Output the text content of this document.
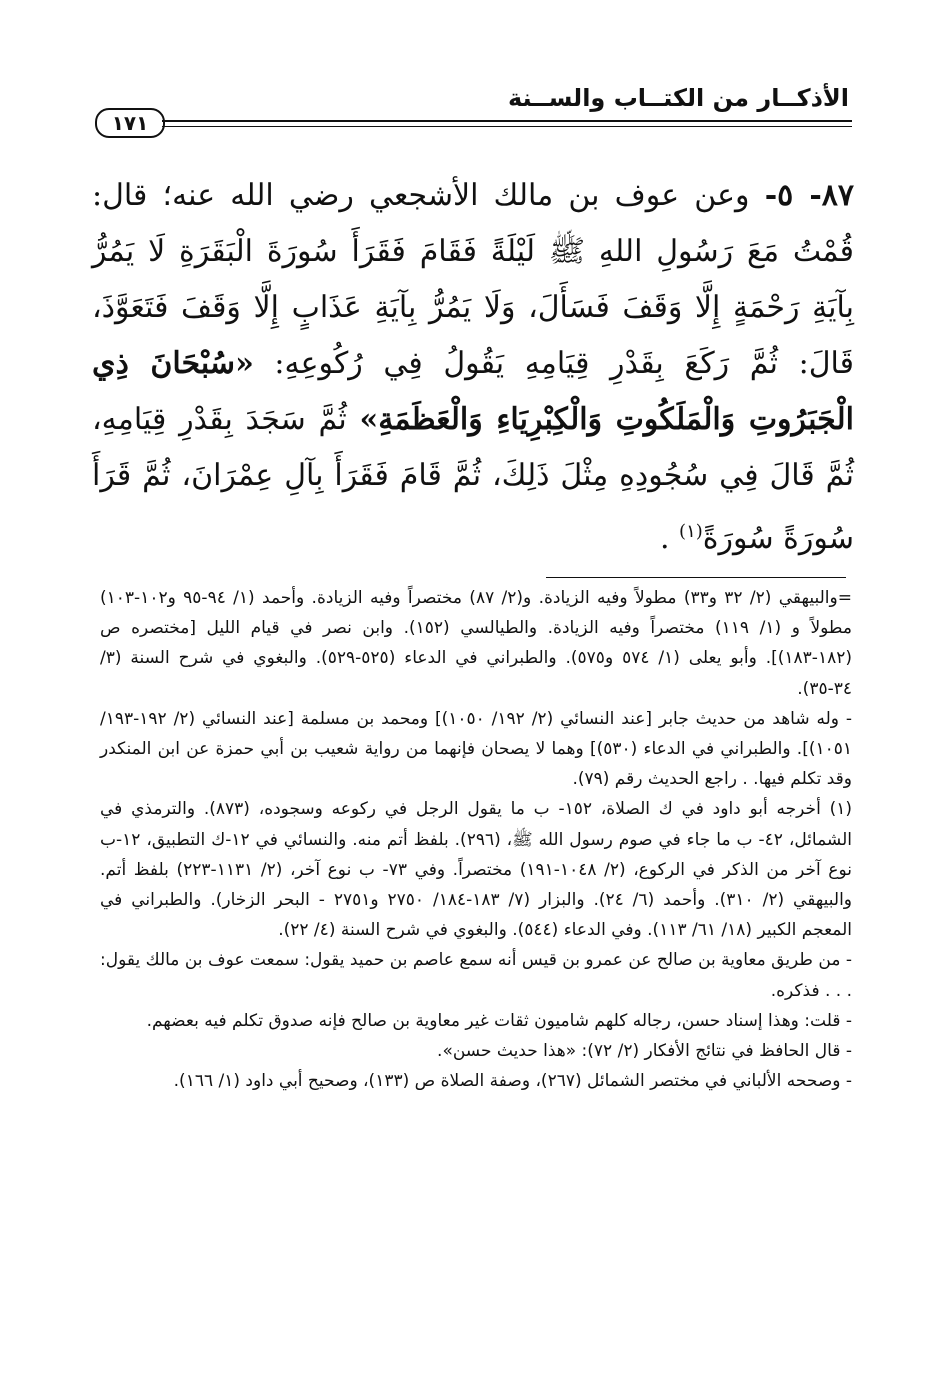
الأذكــار من الكتــاب والســنة
١٧١
٨٧- ٥- وعن عوف بن مالك الأشجعي رضي الله عنه؛ قال: قُمْتُ مَعَ رَسُولِ اللهِ ﷺ لَيْلَةً فَقَامَ فَقَرَأَ سُورَةَ الْبَقَرَةِ لَا يَمُرُّ بِآيَةِ رَحْمَةٍ إِلَّا وَقَفَ فَسَأَلَ، وَلَا يَمُرُّ بِآيَةِ عَذَابٍ إِلَّا وَقَفَ فَتَعَوَّذَ، قَالَ: ثُمَّ رَكَعَ بِقَدْرِ قِيَامِهِ يَقُولُ فِي رُكُوعِهِ: «سُبْحَانَ ذِي الْجَبَرُوتِ وَالْمَلَكُوتِ وَالْكِبْرِيَاءِ وَالْعَظَمَةِ» ثُمَّ سَجَدَ بِقَدْرِ قِيَامِهِ، ثُمَّ قَالَ فِي سُجُودِهِ مِثْلَ ذَلِكَ، ثُمَّ قَامَ فَقَرَأَ بِآلِ عِمْرَانَ، ثُمَّ قَرَأَ سُورَةً سُورَةً$^{(١)}$ .

=والبيهقي (٢/ ٣٢ و٣٣) مطولاً وفيه الزيادة. و(٢/ ٨٧) مختصراً وفيه الزيادة. وأحمد (١/ ٩٤-٩٥ و١٠٢-١٠٣) مطولاً و (١/ ١١٩) مختصراً وفيه الزيادة. والطيالسي (١٥٢). وابن نصر في قيام الليل [مختصره ص (١٨٢-١٨٣)]. وأبو يعلى (١/ ٥٧٤ و٥٧٥). والطبراني في الدعاء (٥٢٥-٥٢٩). والبغوي في شرح السنة (٣/ ٣٤-٣٥).

- وله شاهد من حديث جابر [عند النسائي (٢/ ١٩٢/ ١٠٥٠)] ومحمد بن مسلمة [عند النسائي (٢/ ١٩٢-١٩٣/ ١٠٥١)]. والطبراني في الدعاء (٥٣٠)] وهما لا يصحان فإنهما من رواية شعيب بن أبي حمزة عن ابن المنكدر وقد تكلم فيها. . راجع الحديث رقم (٧٩).

(١) أخرجه أبو داود في ك الصلاة، ١٥٢- ب ما يقول الرجل في ركوعه وسجوده، (٨٧٣). والترمذي في الشمائل، ٤٢- ب ما جاء في صوم رسول الله ﷺ، (٢٩٦). بلفظ أتم منه. والنسائي في ١٢-ك التطبيق، ١٢-ب نوع آخر من الذكر في الركوع، (٢/ ١٠٤٨-١٩١) مختصراً. وفي ٧٣- ب نوع آخر، (٢/ ١١٣١-٢٢٣) بلفظ أتم. والبيهقي (٢/ ٣١٠). وأحمد (٦/ ٢٤). والبزار (٧/ ١٨٣-١٨٤/ ٢٧٥٠ و٢٧٥١ - البحر الزخار). والطبراني في المعجم الكبير (١٨/ ٦١/ ١١٣). وفي الدعاء (٥٤٤). والبغوي في شرح السنة (٤/ ٢٢).

- من طريق معاوية بن صالح عن عمرو بن قيس أنه سمع عاصم بن حميد يقول: سمعت عوف بن مالك يقول: . . . فذكره.

- قلت: وهذا إسناد حسن، رجاله كلهم شاميون ثقات غير معاوية بن صالح فإنه صدوق تكلم فيه بعضهم.

- قال الحافظ في نتائج الأفكار (٢/ ٧٢): «هذا حديث حسن».

- وصححه الألباني في مختصر الشمائل (٢٦٧)، وصفة الصلاة ص (١٣٣)، وصحيح أبي داود (١/ ١٦٦).
